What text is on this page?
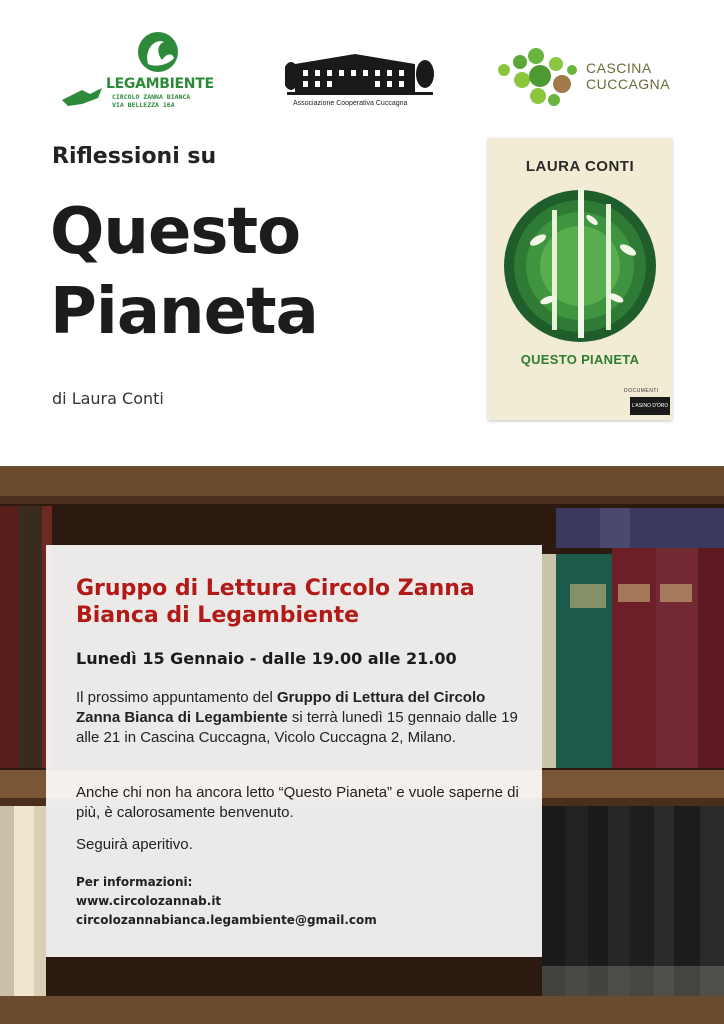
LEGAMBIENTE
CIRCOLO ZANNA BIANCA
VIA BELLEZZA 16A	Associazione Cooperativa Cuccagna
CASCINA
CUCCAGNA
Riflessioni su
Questo
Pianeta
di Laura Conti
LAURA CONTI
QUESTO PIANETA
DOCUMENTI
L'ASINO D'ORO
Gruppo di Lettura Circolo Zanna Bianca di Legambiente
Lunedì 15 Gennaio - dalle 19.00 alle 21.00
Il prossimo appuntamento del Gruppo di Lettura del Circolo Zanna Bianca di Legambiente si terrà lunedì 15 gennaio dalle 19 alle 21 in Cascina Cuccagna, Vicolo Cuccagna 2, Milano.
Anche chi non ha ancora letto “Questo Pianeta” e vuole saperne di più, è calorosamente benvenuto.
Seguirà aperitivo.
Per informazioni:
www.circolozannab.it
circolozannabianca.legambiente@gmail.com
